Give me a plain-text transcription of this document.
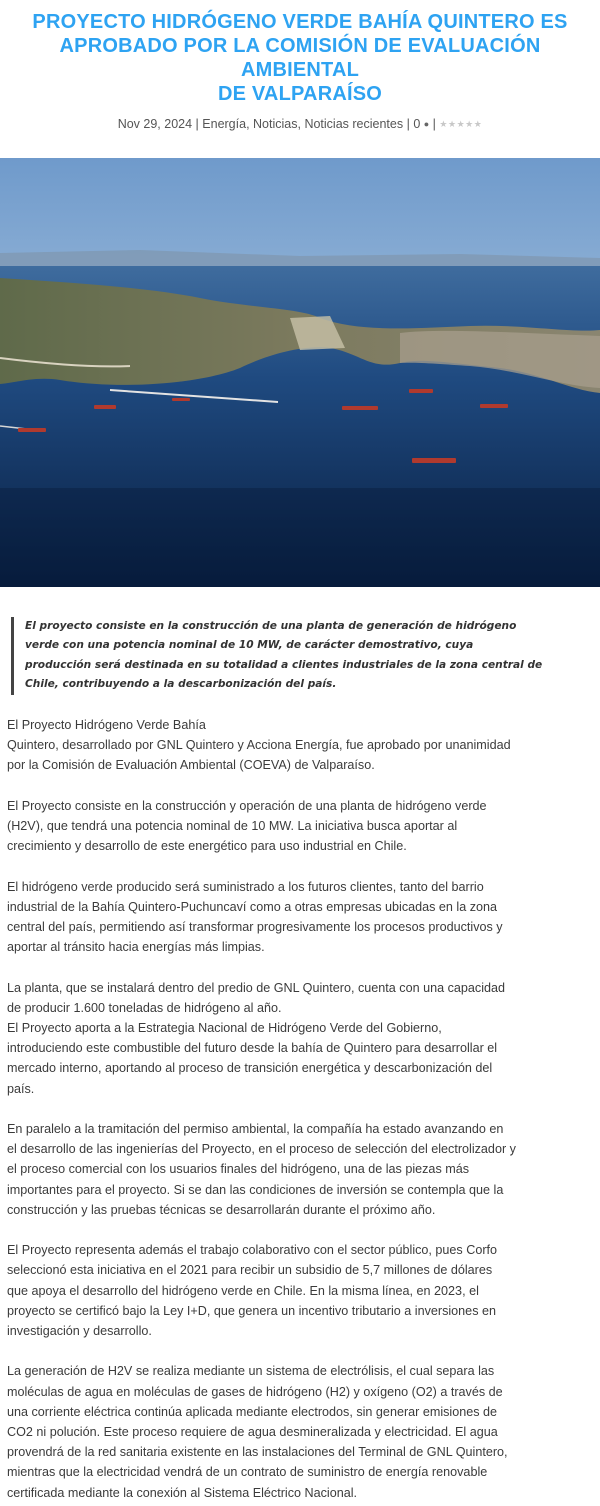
PROYECTO HIDRÓGENO VERDE BAHÍA QUINTERO ES
APROBADO POR LA COMISIÓN DE EVALUACIÓN AMBIENTAL
DE VALPARAÍSO
Nov 29, 2024 | Energía, Noticias, Noticias recientes | 0 ● | ★★★★★
El proyecto consiste en la construcción de una planta de generación de hidrógeno
verde con una potencia nominal de 10 MW, de carácter demostrativo, cuya
producción será destinada en su totalidad a clientes industriales de la zona central de
Chile, contribuyendo a la descarbonización del país.

El Proyecto Hidrógeno Verde Bahía
Quintero, desarrollado por GNL Quintero y Acciona Energía, fue aprobado por unanimidad
por la Comisión de Evaluación Ambiental (COEVA) de Valparaíso.

El Proyecto consiste en la construcción y operación de una planta de hidrógeno verde
(H2V), que tendrá una potencia nominal de 10 MW. La iniciativa busca aportar al
crecimiento y desarrollo de este energético para uso industrial en Chile.

El hidrógeno verde producido será suministrado a los futuros clientes, tanto del barrio
industrial de la Bahía Quintero-Puchuncaví como a otras empresas ubicadas en la zona
central del país, permitiendo así transformar progresivamente los procesos productivos y
aportar al tránsito hacia energías más limpias.

La planta, que se instalará dentro del predio de GNL Quintero, cuenta con una capacidad
de producir 1.600 toneladas de hidrógeno al año.
El Proyecto aporta a la Estrategia Nacional de Hidrógeno Verde del Gobierno,
introduciendo este combustible del futuro desde la bahía de Quintero para desarrollar el
mercado interno, aportando al proceso de transición energética y descarbonización del
país.

En paralelo a la tramitación del permiso ambiental, la compañía ha estado avanzando en
el desarrollo de las ingenierías del Proyecto, en el proceso de selección del electrolizador y
el proceso comercial con los usuarios finales del hidrógeno, una de las piezas más
importantes para el proyecto. Si se dan las condiciones de inversión se contempla que la
construcción y las pruebas técnicas se desarrollarán durante el próximo año.

El Proyecto representa además el trabajo colaborativo con el sector público, pues Corfo
seleccionó esta iniciativa en el 2021 para recibir un subsidio de 5,7 millones de dólares
que apoya el desarrollo del hidrógeno verde en Chile. En la misma línea, en 2023, el
proyecto se certificó bajo la Ley I+D, que genera un incentivo tributario a inversiones en
investigación y desarrollo.

La generación de H2V se realiza mediante un sistema de electrólisis, el cual separa las
moléculas de agua en moléculas de gases de hidrógeno (H2) y oxígeno (O2) a través de
una corriente eléctrica continúa aplicada mediante electrodos, sin generar emisiones de
CO2 ni polución. Este proceso requiere de agua desmineralizada y electricidad. El agua
provendrá de la red sanitaria existente en las instalaciones del Terminal de GNL Quintero,
mientras que la electricidad vendrá de un contrato de suministro de energía renovable
certificada mediante la conexión al Sistema Eléctrico Nacional.
